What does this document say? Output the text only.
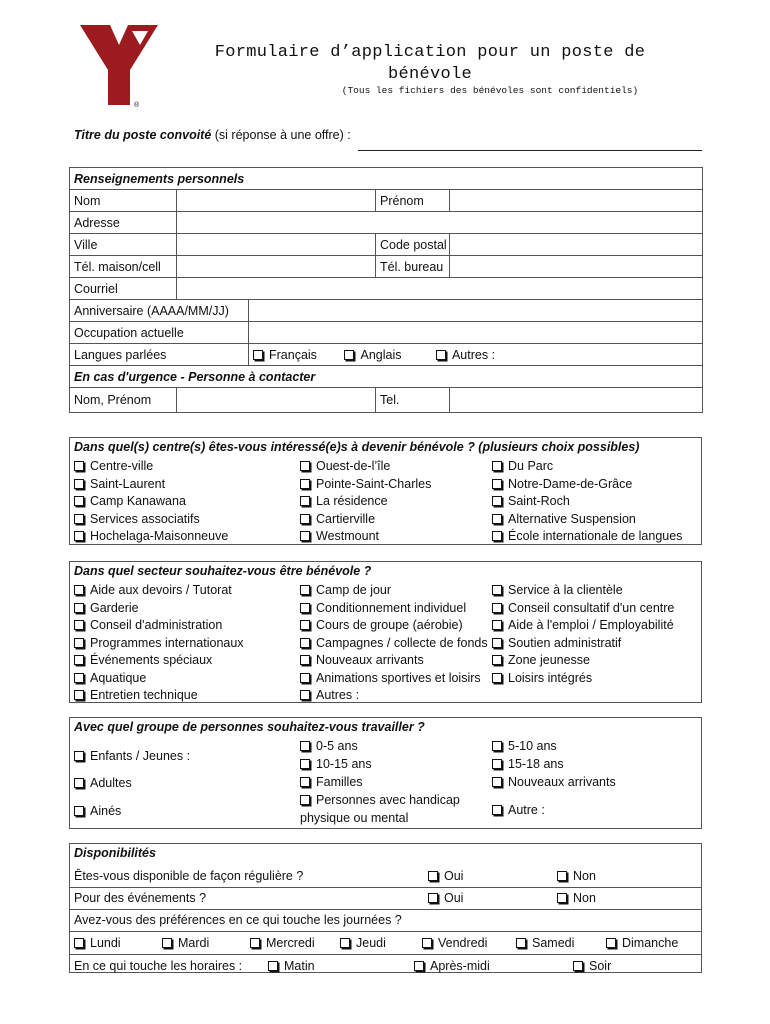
®
Formulaire d’application pour un poste de
bénévole
(Tous les fichiers des bénévoles sont confidentiels)
Titre du poste convoité (si réponse à une offre) :
Renseignements personnels				
Nom			Prénom	
Adresse				
Ville			Code postal	
Tél. maison/cell			Tél. bureau	
Courriel				
Anniversaire (AAAA/MM/JJ)				
Occupation actuelle				
Langues parlées		Français Anglais Autres :		
En cas d'urgence - Personne à contacter				
Nom, Prénom			Tel.	
Dans quel(s) centre(s) êtes-vous intéressé(e)s à devenir bénévole ? (plusieurs choix possibles)
Centre-ville
Saint-Laurent
Camp Kanawana
Services associatifs
Hochelaga-Maisonneuve
Ouest-de-l’île
Pointe-Saint-Charles
La résidence
Cartierville
Westmount
Du Parc
Notre-Dame-de-Grâce
Saint-Roch
Alternative Suspension
École internationale de langues
Dans quel secteur souhaitez-vous être bénévole ?
Aide aux devoirs / Tutorat
Garderie
Conseil d'administration
Programmes internationaux
Événements spéciaux
Aquatique
Entretien technique
Camp de jour
Conditionnement individuel
Cours de groupe (aérobie)
Campagnes / collecte de fonds
Nouveaux arrivants
Animations sportives et loisirs
Autres :
Service à la clientèle
Conseil consultatif d'un centre
Aide à l'emploi / Employabilité
Soutien administratif
Zone jeunesse
Loisirs intégrés
Avec quel groupe de personnes souhaitez-vous travailler ?
Enfants / Jeunes :
Adultes
Ainés
0-5 ans
10-15 ans
Familles
Personnes avec handicap
physique ou mental
5-10 ans
15-18 ans
Nouveaux arrivants
Autre :
Disponibilités
Êtes-vous disponible de façon régulière ?	Oui	Non
Pour des événements ?	Oui	Non
Avez-vous des préférences en ce qui touche les journées ?
Lundi	Mardi	Mercredi	Jeudi	Vendredi	Samedi	Dimanche
En ce qui touche les horaires :	Matin	Après-midi	Soir
